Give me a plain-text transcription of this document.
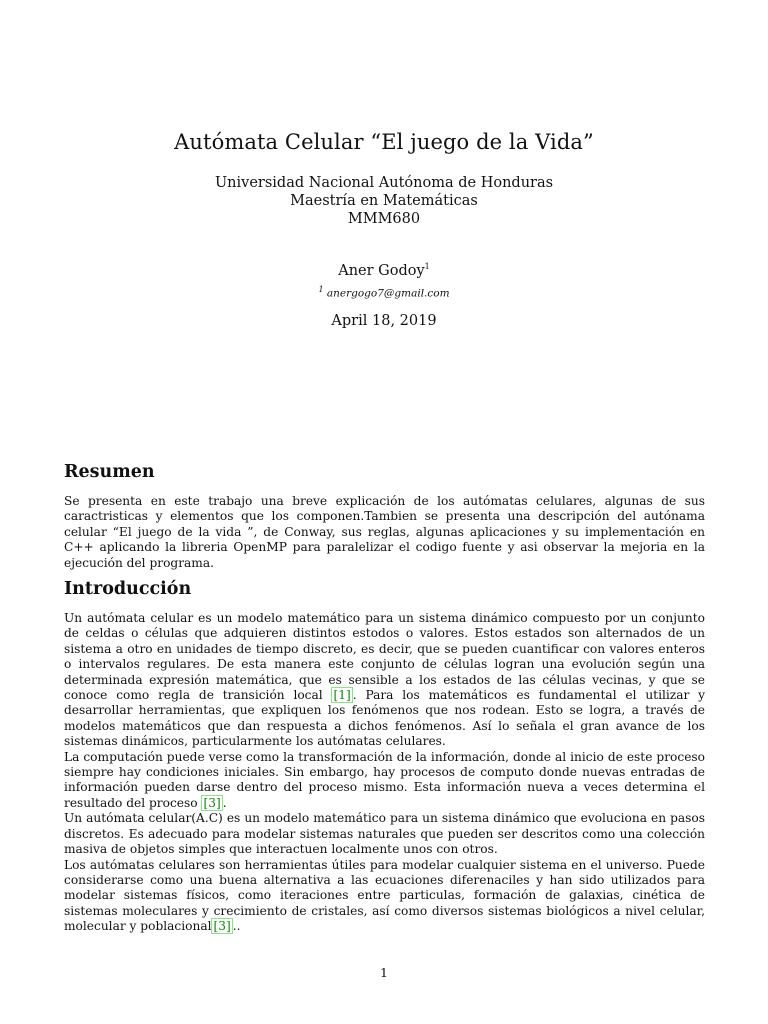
Autómata Celular “El juego de la Vida”
Universidad Nacional Autónoma de Honduras
Maestría en Matemáticas
MMM680
Aner Godoy$^1$
$^1$ anergogo7@gmail.com
April 18, 2019
Resumen
Se presenta en este trabajo una breve explicación de los autómatas celulares, algunas de sus caractristicas y elementos que los componen.Tambien se presenta una descripción del autónama celular “El juego de la vida ”, de Conway, sus reglas, algunas aplicaciones y su implementación en C++ aplicando la libreria OpenMP para paralelizar el codigo fuente y asi observar la mejoria en la ejecución del programa.
Introducción

Un autómata celular es un modelo matemático para un sistema dinámico compuesto por un conjunto de celdas o células que adquieren distintos estodos o valores. Estos estados son alternados de un sistema a otro en unidades de tiempo discreto, es decir, que se pueden cuantificar con valores enteros o intervalos regulares. De esta manera este conjunto de células logran una evolución según una determinada expresión matemática, que es sensible a los estados de las células vecinas, y que se conoce como regla de transición local [1] . Para los matemáticos es fundamental el utilizar y desarrollar herramientas, que expliquen los fenómenos que nos rodean. Esto se logra, a través de modelos matemáticos que dan respuesta a dichos fenómenos. Así lo señala el gran avance de los sistemas dinámicos, particularmente los autómatas celulares.

La computación puede verse como la transformación de la información, donde al inicio de este proceso siempre hay condiciones iniciales. Sin embargo, hay procesos de computo donde nuevas entradas de información pueden darse dentro del proceso mismo. Esta información nueva a veces determina el resultado del proceso [3] .

Un autómata celular(A.C) es un modelo matemático para un sistema dinámico que evoluciona en pasos discretos. Es adecuado para modelar sistemas naturales que pueden ser descritos como una colección masiva de objetos simples que interactuen localmente unos con otros.

Los autómatas celulares son herramientas útiles para modelar cualquier sistema en el universo. Puede considerarse como una buena alternativa a las ecuaciones diferenaciles y han sido utilizados para modelar sistemas físicos, como iteraciones entre particulas, formación de galaxias, cinética de sistemas moleculares y crecimiento de cristales, así como diversos sistemas biológicos a nivel celular, molecular y poblacional [3] ..

1
